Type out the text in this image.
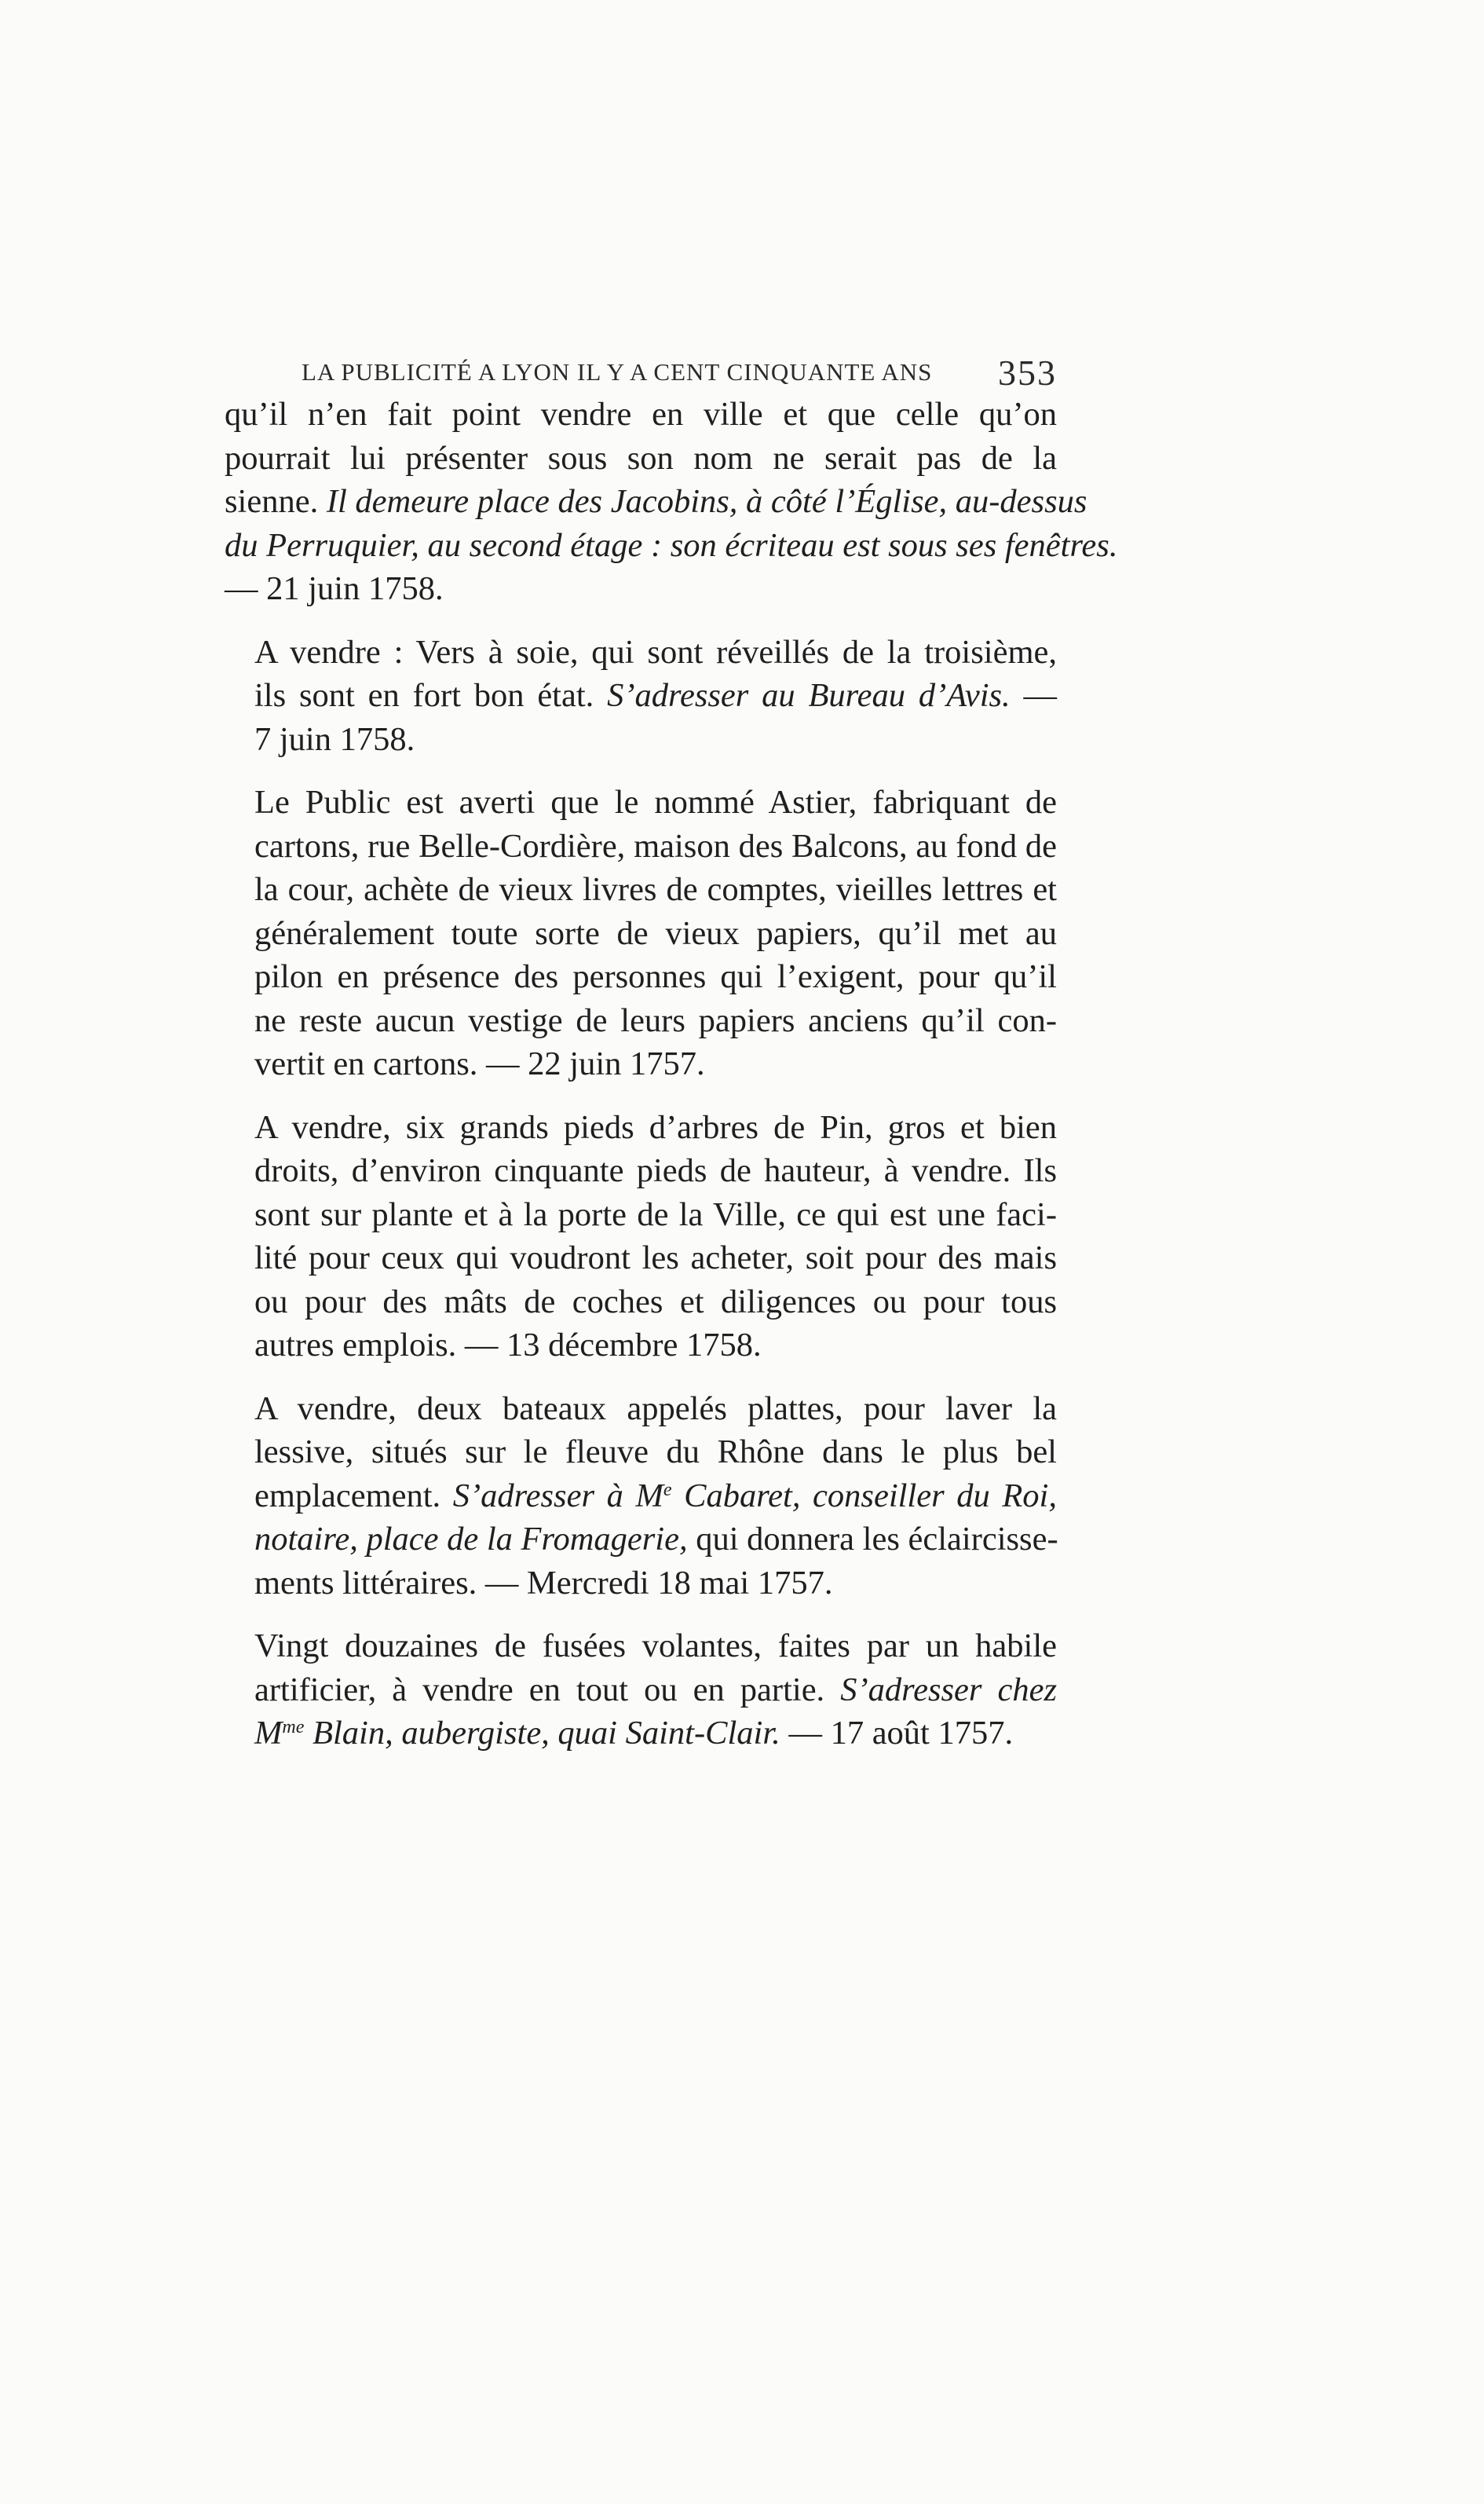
LA PUBLICITÉ A LYON IL Y A CENT CINQUANTE ANS 353

qu’il n’en fait point vendre en ville et que celle qu’on
pourrait lui présenter sous son nom ne serait pas de la
sienne. Il demeure place des Jacobins, à côté l’Église, au-dessus
du Perruquier, au second étage : son écriteau est sous ses fenêtres.
— 21 juin 1758.

A vendre : Vers à soie, qui sont réveillés de la troisième,
ils sont en fort bon état. S’adresser au Bureau d’Avis. —
7 juin 1758.

Le Public est averti que le nommé Astier, fabriquant de
cartons, rue Belle-Cordière, maison des Balcons, au fond de
la cour, achète de vieux livres de comptes, vieilles lettres et
généralement toute sorte de vieux papiers, qu’il met au
pilon en présence des personnes qui l’exigent, pour qu’il
ne reste aucun vestige de leurs papiers anciens qu’il con-
vertit en cartons. — 22 juin 1757.

A vendre, six grands pieds d’arbres de Pin, gros et bien
droits, d’environ cinquante pieds de hauteur, à vendre. Ils
sont sur plante et à la porte de la Ville, ce qui est une faci-
lité pour ceux qui voudront les acheter, soit pour des mais
ou pour des mâts de coches et diligences ou pour tous
autres emplois. — 13 décembre 1758.

A vendre, deux bateaux appelés plattes, pour laver la
lessive, situés sur le fleuve du Rhône dans le plus bel
emplacement. S’adresser à Me Cabaret, conseiller du Roi,
notaire, place de la Fromagerie, qui donnera les éclaircisse-
ments littéraires. — Mercredi 18 mai 1757.

Vingt douzaines de fusées volantes, faites par un habile
artificier, à vendre en tout ou en partie. S’adresser chez
$M^{me}$ Blain, aubergiste, quai Saint-Clair. — 17 août 1757.
